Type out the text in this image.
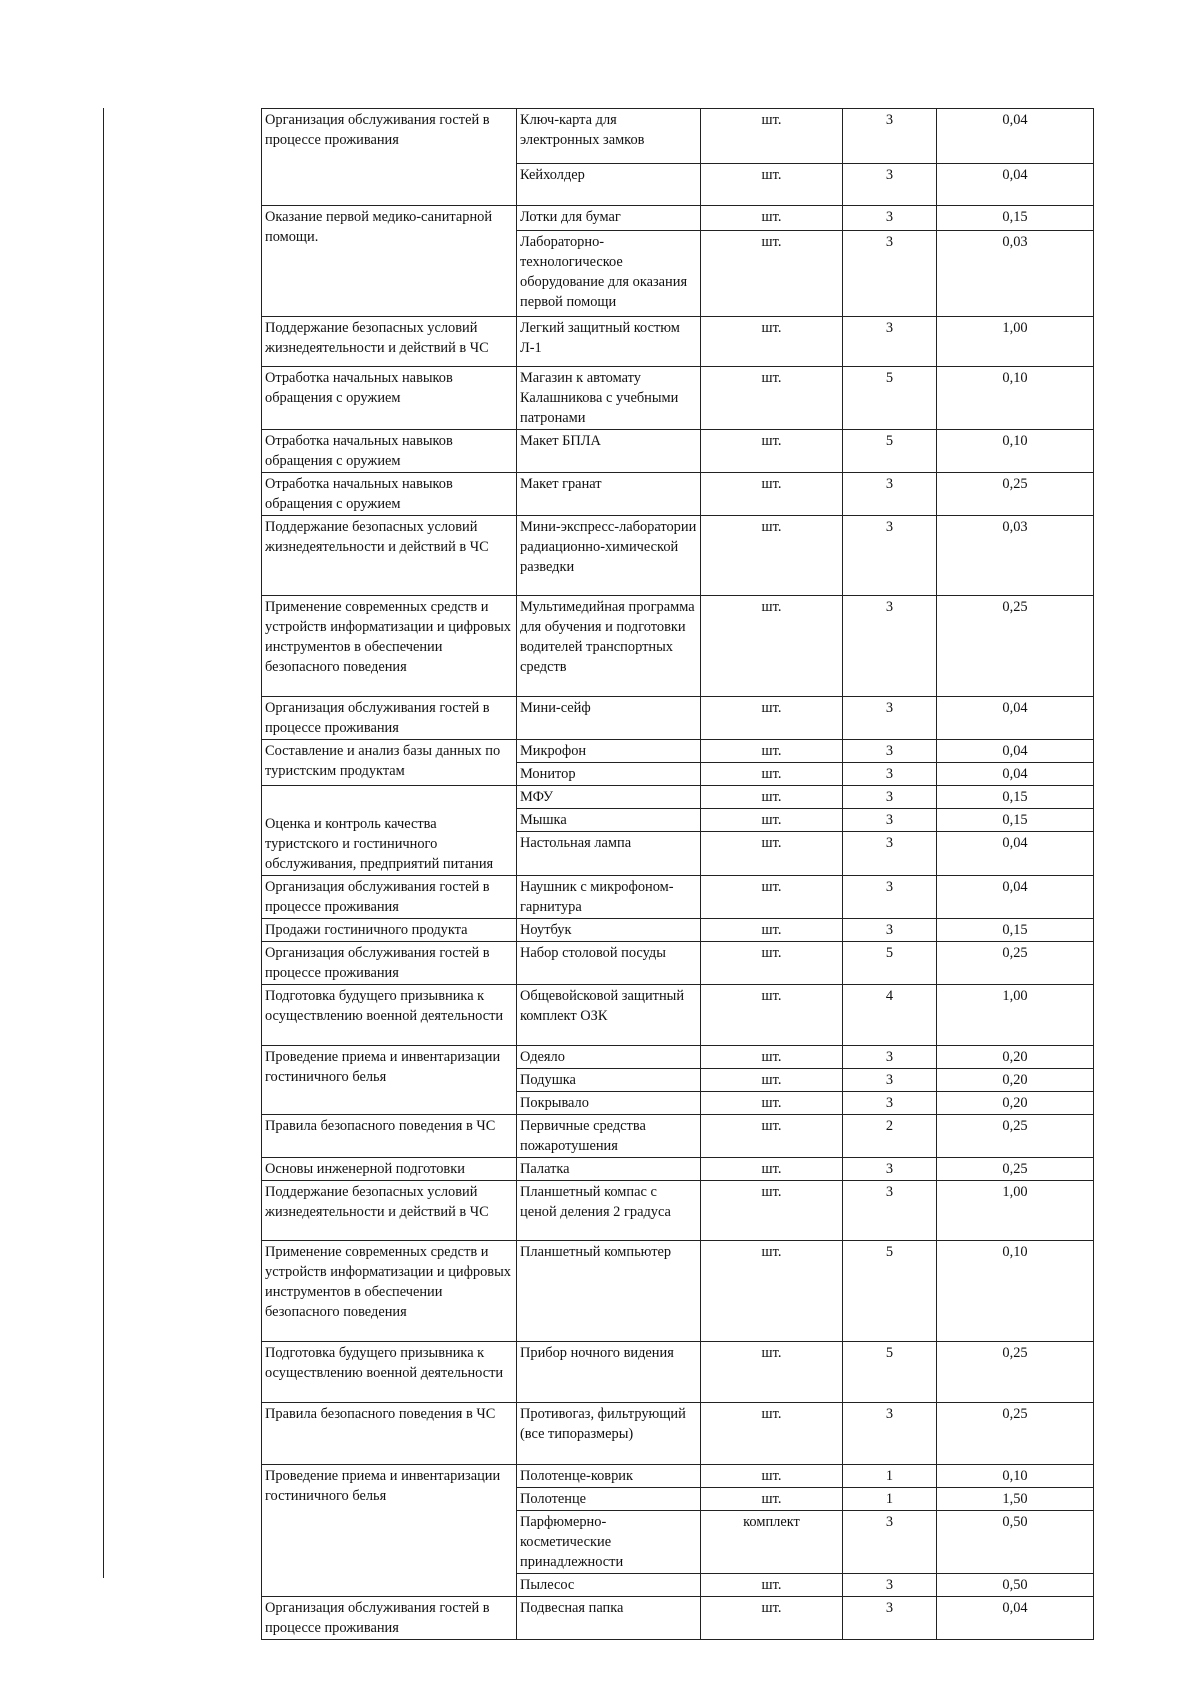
Организация обслуживания гостей в процессе проживания	Ключ-карта для электронных замков	шт.	3	0,04
	Кейхолдер	шт.	3	0,04
Оказание первой медико-санитарной помощи.	Лотки для бумаг	шт.	3	0,15
	Лабораторно-технологическое оборудование для оказания первой помощи	шт.	3	0,03
Поддержание безопасных условий жизнедеятельности и действий в ЧС	Легкий защитный костюм Л-1	шт.	3	1,00
Отработка начальных навыков обращения с оружием	Магазин к автомату Калашникова с учебными патронами	шт.	5	0,10
Отработка начальных навыков обращения с оружием	Макет БПЛА	шт.	5	0,10
Отработка начальных навыков обращения с оружием	Макет гранат	шт.	3	0,25
Поддержание безопасных условий жизнедеятельности и действий в ЧС	Мини-экспресс-лаборатории радиационно-химической разведки	шт.	3	0,03
Применение современных средств и устройств информатизации и цифровых инструментов в обеспечении безопасного поведения	Мультимедийная программа для обучения и подготовки водителей транспортных средств	шт.	3	0,25
Организация обслуживания гостей в процессе проживания	Мини-сейф	шт.	3	0,04
Составление и анализ базы данных по туристским продуктам	Микрофон	шт.	3	0,04
	Монитор	шт.	3	0,04
Оценка и контроль качества туристского и гостиничного обслуживания, предприятий питания	МФУ	шт.	3	0,15
	Мышка	шт.	3	0,15
	Настольная лампа	шт.	3	0,04
Организация обслуживания гостей в процессе проживания	Наушник с микрофоном-гарнитура	шт.	3	0,04
Продажи гостиничного продукта	Ноутбук	шт.	3	0,15
Организация обслуживания гостей в процессе проживания	Набор столовой посуды	шт.	5	0,25
Подготовка будущего призывника к осуществлению военной деятельности	Общевойсковой защитный комплект ОЗК	шт.	4	1,00
Проведение приема и инвентаризации гостиничного белья	Одеяло	шт.	3	0,20
	Подушка	шт.	3	0,20
	Покрывало	шт.	3	0,20
Правила безопасного поведения в ЧС	Первичные средства пожаротушения	шт.	2	0,25
Основы инженерной подготовки	Палатка	шт.	3	0,25
Поддержание безопасных условий жизнедеятельности и действий в ЧС	Планшетный компас с ценой деления 2 градуса	шт.	3	1,00
Применение современных средств и устройств информатизации и цифровых инструментов в обеспечении безопасного поведения	Планшетный компьютер	шт.	5	0,10
Подготовка будущего призывника к осуществлению военной деятельности	Прибор ночного видения	шт.	5	0,25
Правила безопасного поведения в ЧС	Противогаз, фильтрующий (все типоразмеры)	шт.	3	0,25
Проведение приема и инвентаризации гостиничного белья	Полотенце-коврик	шт.	1	0,10
	Полотенце	шт.	1	1,50
	Парфюмерно-косметические принадлежности	комплект	3	0,50
	Пылесос	шт.	3	0,50
Организация обслуживания гостей в процессе проживания	Подвесная папка	шт.	3	0,04
